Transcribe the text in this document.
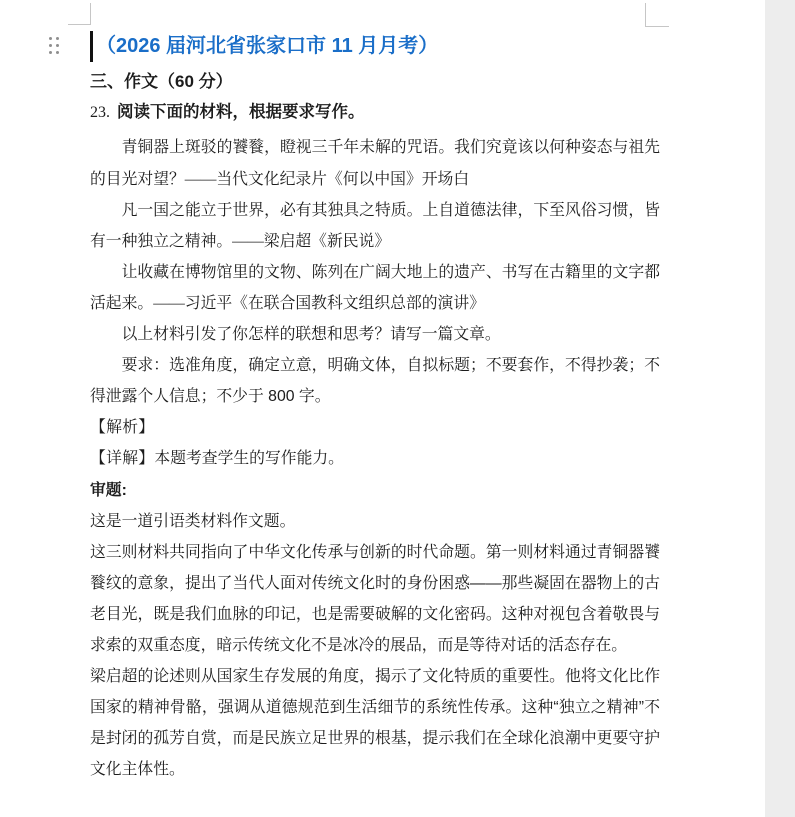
（2026 届河北省张家口市 11 月月考）
三、作文（60 分）

23. 阅读下面的材料，根据要求写作。

青铜器上斑驳的饕餮，瞪视三千年未解的咒语。我们究竟该以何种姿态与祖先的目光对望？——当代文化纪录片《何以中国》开场白

凡一国之能立于世界，必有其独具之特质。上自道德法律，下至风俗习惯，皆有一种独立之精神。——梁启超《新民说》

让收藏在博物馆里的文物、陈列在广阔大地上的遗产、书写在古籍里的文字都活起来。——习近平《在联合国教科文组织总部的演讲》

以上材料引发了你怎样的联想和思考？请写一篇文章。

要求：选准角度，确定立意，明确文体，自拟标题；不要套作，不得抄袭；不得泄露个人信息；不少于 800 字。

【解析】

【详解】本题考查学生的写作能力。

审题:

这是一道引语类材料作文题。

这三则材料共同指向了中华文化传承与创新的时代命题。第一则材料通过青铜器饕餮纹的意象，提出了当代人面对传统文化时的身份困惑——那些凝固在器物上的古老目光，既是我们血脉的印记，也是需要破解的文化密码。这种对视包含着敬畏与求索的双重态度，暗示传统文化不是冰冷的展品，而是等待对话的活态存在。

梁启超的论述则从国家生存发展的角度，揭示了文化特质的重要性。他将文化比作国家的精神骨骼，强调从道德规范到生活细节的系统性传承。这种“独立之精神”不是封闭的孤芳自赏，而是民族立足世界的根基，提示我们在全球化浪潮中更要守护文化主体性。
